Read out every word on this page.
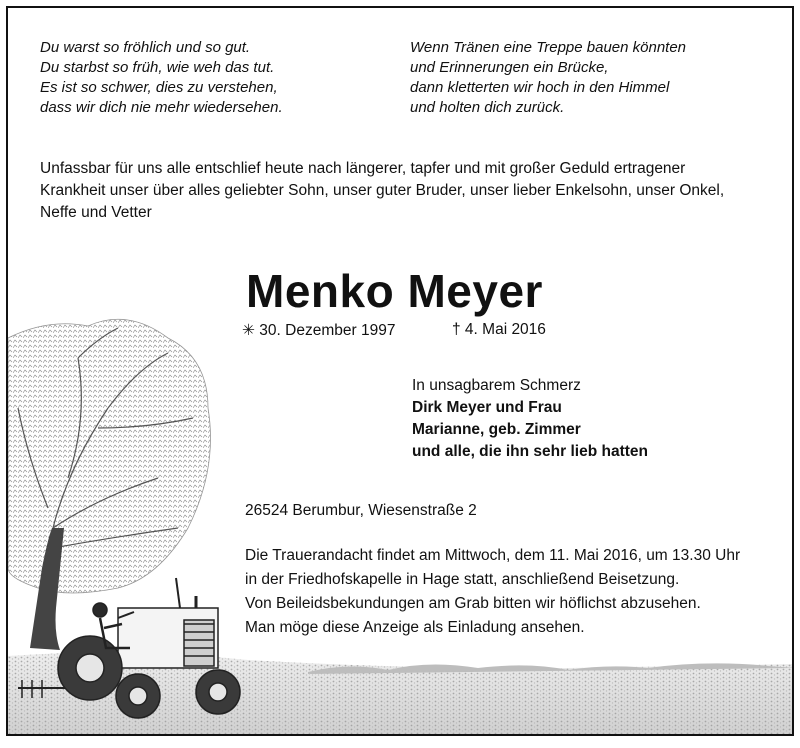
Du warst so fröhlich und so gut.

Du starbst so früh, wie weh das tut.

Es ist so schwer, dies zu verstehen,

dass wir dich nie mehr wiedersehen.

Wenn Tränen eine Treppe bauen könnten

und Erinnerungen ein Brücke,

dann kletterten wir hoch in den Himmel

und holten dich zurück.

Unfassbar für uns alle entschlief heute nach längerer, tapfer und mit großer Geduld ertragener

Krankheit unser über alles geliebter Sohn, unser guter Bruder, unser lieber Enkelsohn, unser Onkel,

Neffe und Vetter

Menko Meyer
✳ 30. Dezember 1997	† 4. Mai 2016

In unsagbarem Schmerz

Dirk Meyer und Frau

Marianne, geb. Zimmer

und alle, die ihn sehr lieb hatten

26524 Berumbur, Wiesenstraße 2

Die Trauerandacht findet am Mittwoch, dem 11. Mai 2016, um 13.30 Uhr

in der Friedhofskapelle in Hage statt, anschließend Beisetzung.

Von Beileidsbekundungen am Grab bitten wir höflichst abzusehen.

Man möge diese Anzeige als Einladung ansehen.
